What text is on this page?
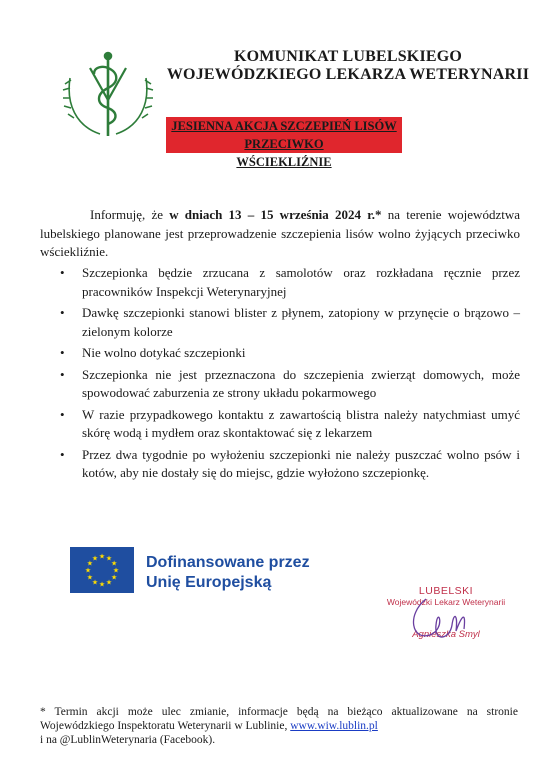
KOMUNIKAT LUBELSKIEGO
WOJEWÓDZKIEGO LEKARZA WETERYNARII
JESIENNA AKCJA SZCZEPIEŃ LISÓW PRZECIWKO
WŚCIEKLIŹNIE
Informuję, że w dniach 13 – 15 września 2024 r.* na terenie województwa lubelskiego planowane jest przeprowadzenie szczepienia lisów wolno żyjących przeciwko wściekliźnie.
• Szczepionka będzie zrzucana z samolotów oraz rozkładana ręcznie przez pracowników Inspekcji Weterynaryjnej
• Dawkę szczepionki stanowi blister z płynem, zatopiony w przynęcie o brązowo – zielonym kolorze
• Nie wolno dotykać szczepionki
• Szczepionka nie jest przeznaczona do szczepienia zwierząt domowych, może spowodować zaburzenia ze strony układu pokarmowego
• W razie przypadkowego kontaktu z zawartością blistra należy natychmiast umyć skórę wodą i mydłem oraz skontaktować się z lekarzem
• Przez dwa tygodnie po wyłożeniu szczepionki nie należy puszczać wolno psów i kotów, aby nie dostały się do miejsc, gdzie wyłożono szczepionkę.
★ ★
★
★
★
★
★
★
★
★
★
★	Dofinansowane przez
Unię Europejską	LUBELSKI
Wojewódzki Lekarz Weterynarii
Agnieszka Smyl
* Termin akcji może ulec zmianie, informacje będą na bieżąco aktualizowane na stronie Wojewódzkiego Inspektoratu Weterynarii w Lublinie, www.wiw.lublin.pl
i na @LublinWeterynaria (Facebook).
